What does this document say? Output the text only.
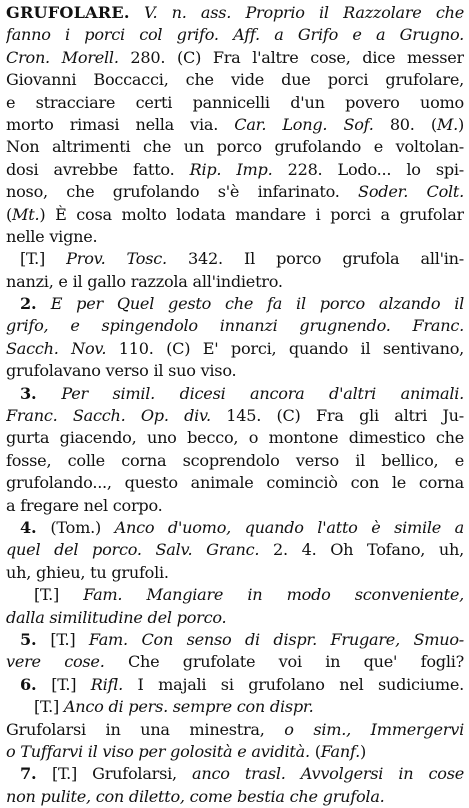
GRUFOLARE. V. n. ass. Proprio il Razzolare che
fanno i porci col grifo. Aff. a Grifo e a Grugno.
Cron. Morell. 280. (C) Fra l'altre cose, dice messer
Giovanni Boccacci, che vide due porci grufolare,
e stracciare certi pannicelli d'un povero uomo
morto rimasi nella via. Car. Long. Sof. 80. (M.)
Non altrimenti che un porco grufolando e voltolan-
dosi avrebbe fatto. Rip. Imp. 228. Lodo... lo spi-
noso, che grufolando s'è infarinato. Soder. Colt.
(Mt.) È cosa molto lodata mandare i porci a grufolar
nelle vigne.
[T.] Prov. Tosc. 342. Il porco grufola all'in-
nanzi, e il gallo razzola all'indietro.
2. E per Quel gesto che fa il porco alzando il
grifo, e spingendolo innanzi grugnendo. Franc.
Sacch. Nov. 110. (C) E' porci, quando il sentivano,
grufolavano verso il suo viso.
3. Per simil. dicesi ancora d'altri animali.
Franc. Sacch. Op. div. 145. (C) Fra gli altri Ju-
gurta giacendo, uno becco, o montone dimestico che
fosse, colle corna scoprendolo verso il bellico, e
grufolando..., questo animale cominciò con le corna
a fregare nel corpo.
4. (Tom.) Anco d'uomo, quando l'atto è simile a
quel del porco. Salv. Granc. 2. 4. Oh Tofano, uh,
uh, ghieu, tu grufoli.
[T.] Fam. Mangiare in modo sconveniente,
dalla similitudine del porco.
5. [T.] Fam. Con senso di dispr. Frugare, Smuo-
vere cose. Che grufolate voi in que' fogli?
6. [T.] Rifl. I majali si grufolano nel sudiciume.
[T.] Anco di pers. sempre con dispr.
Grufolarsi in una minestra, o sim., Immergervi
o Tuffarvi il viso per golosità e avidità. (Fanf.)
7. [T.] Grufolarsi, anco trasl. Avvolgersi in cose
non pulite, con diletto, come bestia che grufola.
